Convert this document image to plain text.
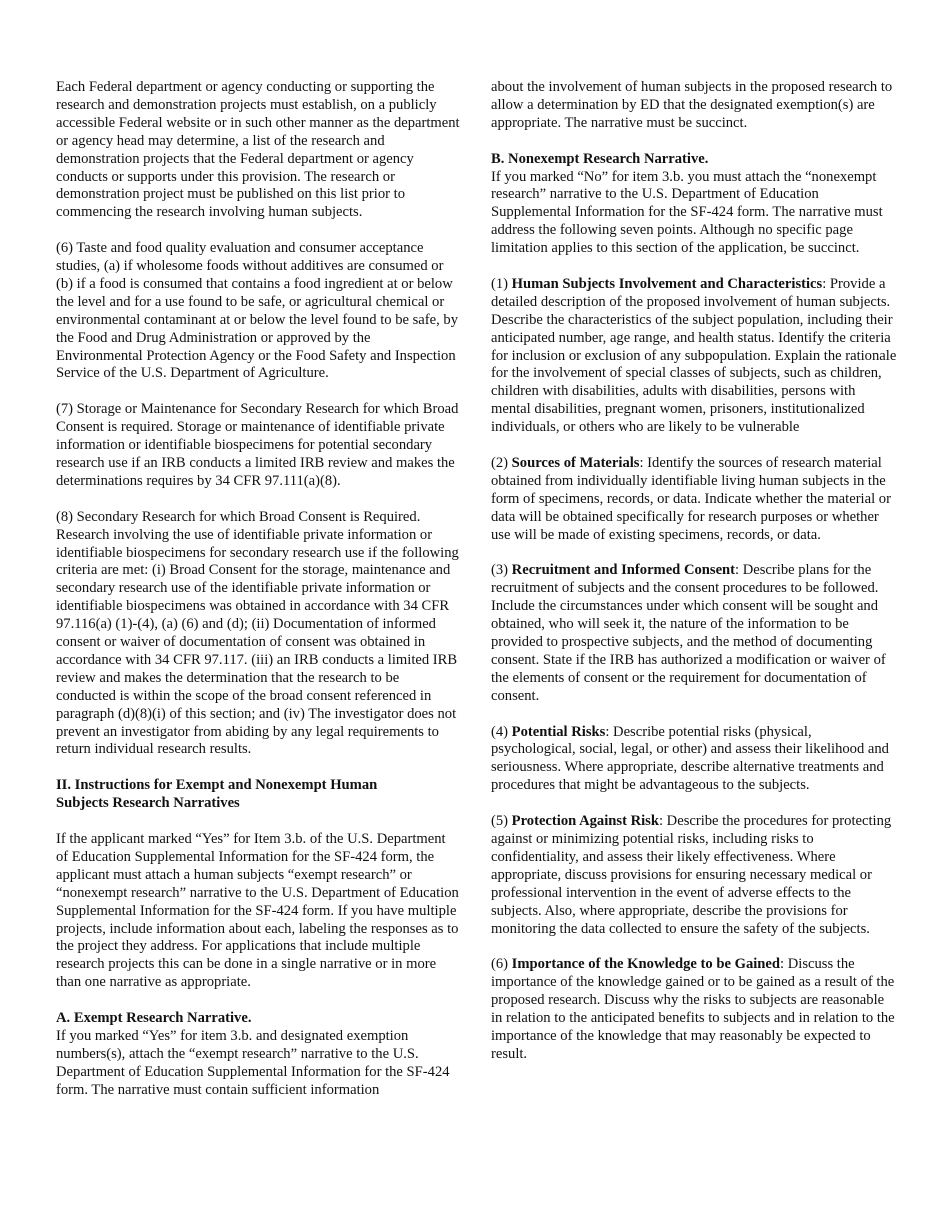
Each Federal department or agency conducting or supporting the research and demonstration projects must establish, on a publicly accessible Federal website or in such other manner as the department or agency head may determine, a list of the research and demonstration projects that the Federal department or agency conducts or supports under this provision. The research or demonstration project must be published on this list prior to commencing the research involving human subjects.

(6) Taste and food quality evaluation and consumer acceptance studies, (a) if wholesome foods without additives are consumed or (b) if a food is consumed that contains a food ingredient at or below the level and for a use found to be safe, or agricultural chemical or environmental contaminant at or below the level found to be safe, by the Food and Drug Administration or approved by the Environmental Protection Agency or the Food Safety and Inspection Service of the U.S. Department of Agriculture.

(7) Storage or Maintenance for Secondary Research for which Broad Consent is required. Storage or maintenance of identifiable private information or identifiable biospecimens for potential secondary research use if an IRB conducts a limited IRB review and makes the determinations requires by 34 CFR 97.111(a)(8).

(8) Secondary Research for which Broad Consent is Required. Research involving the use of identifiable private information or identifiable biospecimens for secondary research use if the following criteria are met: (i) Broad Consent for the storage, maintenance and secondary research use of the identifiable private information or identifiable biospecimens was obtained in accordance with 34 CFR 97.116(a) (1)-(4), (a) (6) and (d); (ii) Documentation of informed consent or waiver of documentation of consent was obtained in accordance with 34 CFR 97.117. (iii) an IRB conducts a limited IRB review and makes the determination that the research to be conducted is within the scope of the broad consent referenced in paragraph (d)(8)(i) of this section; and (iv) The investigator does not prevent an investigator from abiding by any legal requirements to return individual research results.

II. Instructions for Exempt and Nonexempt Human
Subjects Research Narratives

If the applicant marked “Yes” for Item 3.b. of the U.S. Department of Education Supplemental Information for the SF-424 form, the applicant must attach a human subjects “exempt research” or “nonexempt research” narrative to the U.S. Department of Education Supplemental Information for the SF-424 form. If you have multiple projects, include information about each, labeling the responses as to the project they address. For applications that include multiple research projects this can be done in a single narrative or in more than one narrative as appropriate.

A. Exempt Research Narrative.

If you marked “Yes” for item 3.b. and designated exemption numbers(s), attach the “exempt research” narrative to the U.S. Department of Education Supplemental Information for the SF-424 form. The narrative must contain sufficient information

about the involvement of human subjects in the proposed research to allow a determination by ED that the designated exemption(s) are appropriate. The narrative must be succinct.

B. Nonexempt Research Narrative.

If you marked “No” for item 3.b. you must attach the “nonexempt research” narrative to the U.S. Department of Education Supplemental Information for the SF-424 form. The narrative must address the following seven points. Although no specific page limitation applies to this section of the application, be succinct.

(1) Human Subjects Involvement and Characteristics: Provide a detailed description of the proposed involvement of human subjects. Describe the characteristics of the subject population, including their anticipated number, age range, and health status. Identify the criteria for inclusion or exclusion of any subpopulation. Explain the rationale for the involvement of special classes of subjects, such as children, children with disabilities, adults with disabilities, persons with mental disabilities, pregnant women, prisoners, institutionalized individuals, or others who are likely to be vulnerable

(2) Sources of Materials: Identify the sources of research material obtained from individually identifiable living human subjects in the form of specimens, records, or data. Indicate whether the material or data will be obtained specifically for research purposes or whether use will be made of existing specimens, records, or data.

(3) Recruitment and Informed Consent: Describe plans for the recruitment of subjects and the consent procedures to be followed. Include the circumstances under which consent will be sought and obtained, who will seek it, the nature of the information to be provided to prospective subjects, and the method of documenting consent. State if the IRB has authorized a modification or waiver of the elements of consent or the requirement for documentation of consent.

(4) Potential Risks: Describe potential risks (physical, psychological, social, legal, or other) and assess their likelihood and seriousness. Where appropriate, describe alternative treatments and procedures that might be advantageous to the subjects.

(5) Protection Against Risk: Describe the procedures for protecting against or minimizing potential risks, including risks to confidentiality, and assess their likely effectiveness. Where appropriate, discuss provisions for ensuring necessary medical or professional intervention in the event of adverse effects to the subjects. Also, where appropriate, describe the provisions for monitoring the data collected to ensure the safety of the subjects.

(6) Importance of the Knowledge to be Gained: Discuss the importance of the knowledge gained or to be gained as a result of the proposed research. Discuss why the risks to subjects are reasonable in relation to the anticipated benefits to subjects and in relation to the importance of the knowledge that may reasonably be expected to result.
